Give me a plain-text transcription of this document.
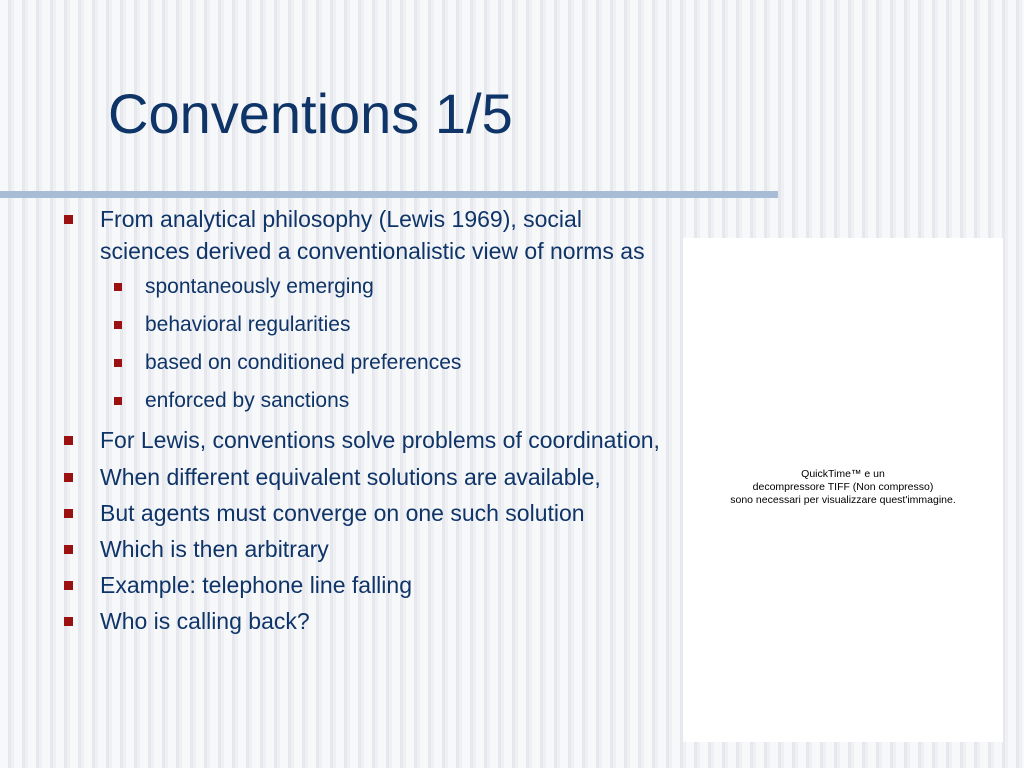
Conventions 1/5
From analytical philosophy (Lewis 1969), social sciences derived a conventionalistic view of norms as
spontaneously emerging
behavioral regularities
based on conditioned preferences
enforced by sanctions
For Lewis, conventions solve problems of coordination,
When different equivalent solutions are available,
But agents must converge on one such solution
Which is then arbitrary
Example: telephone line falling
Who is calling back?
QuickTime™ e un
decompressore TIFF (Non compresso)
sono necessari per visualizzare quest'immagine.
